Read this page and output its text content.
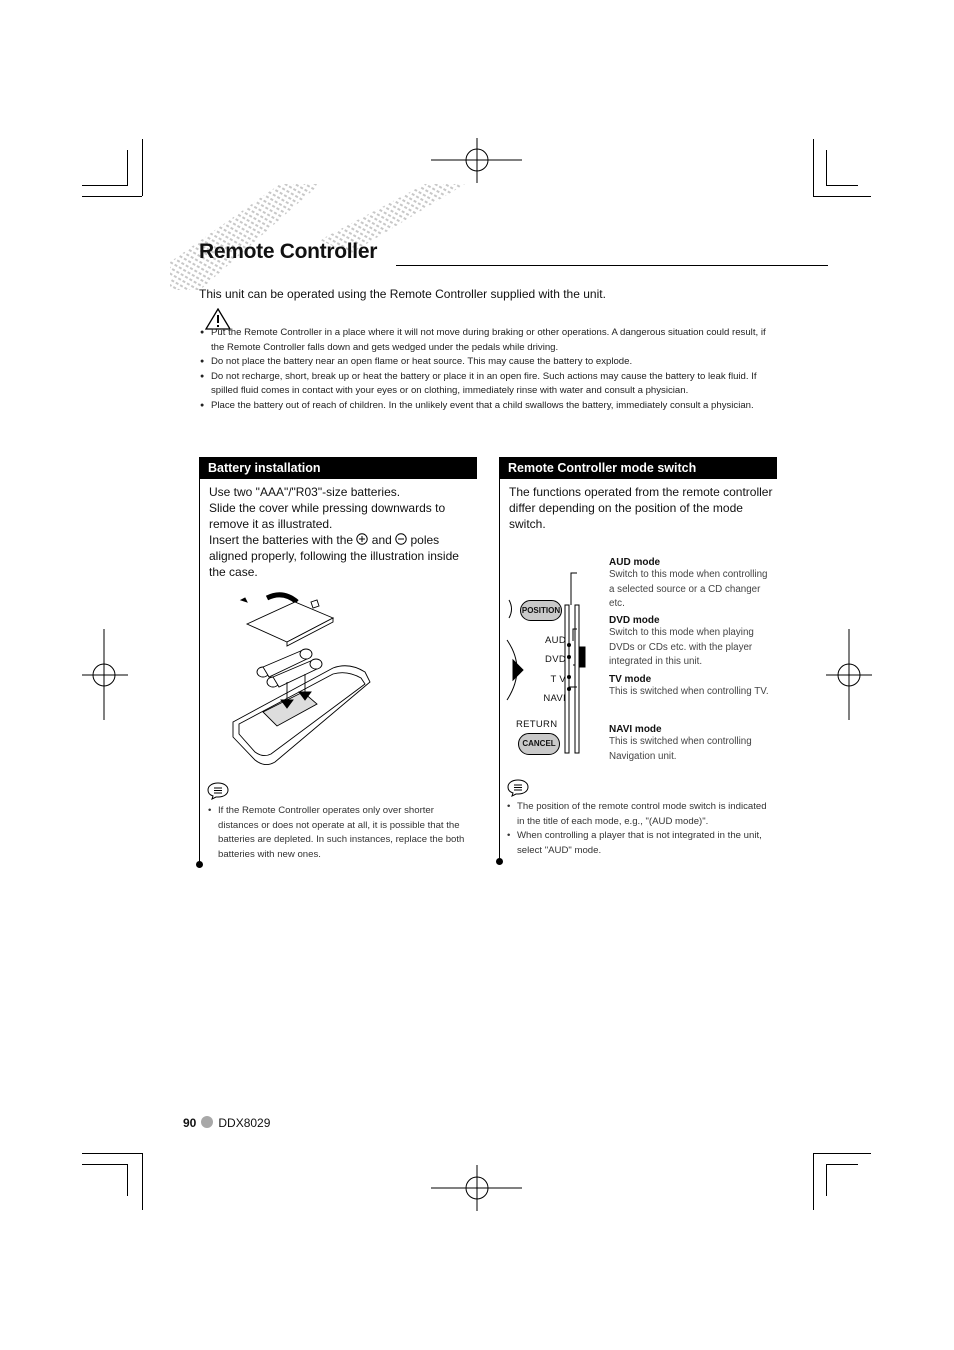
Remote Controller
This unit can be operated using the Remote Controller supplied with the unit.
● Put the Remote Controller in a place where it will not move during braking or other operations. A dangerous situation could result, if the Remote Controller falls down and gets wedged under the pedals while driving.
● Do not place the battery near an open flame or heat source. This may cause the battery to explode.
● Do not recharge, short, break up or heat the battery or place it in an open fire. Such actions may cause the battery to leak fluid. If spilled fluid comes in contact with your eyes or on clothing, immediately rinse with water and consult a physician.
● Place the battery out of reach of children. In the unlikely event that a child swallows the battery, immediately consult a physician.
Battery installation
Use two "AAA"/"R03"-size batteries.
Slide the cover while pressing downwards to remove it as illustrated.
Insert the batteries with the and poles aligned properly, following the illustration inside the case.
• If the Remote Controller operates only over shorter distances or does not operate at all, it is possible that the batteries are depleted. In such instances, replace the both batteries with new ones.
Remote Controller mode switch
The functions operated from the remote controller differ depending on the position of the mode switch.
POSITION
RETURN
CANCEL
AUD
DVD
T V
NAVI
AUD mode
Switch to this mode when controlling a selected source or a CD changer etc.
DVD mode
Switch to this mode when playing DVDs or CDs etc. with the player integrated in this unit.
TV mode
This is switched when controlling TV.
NAVI mode
This is switched when controlling Navigation unit.
• The position of the remote control mode switch is indicated in the title of each mode, e.g., "(AUD mode)".
• When controlling a player that is not integrated in the unit, select "AUD" mode.
90 DDX8029
